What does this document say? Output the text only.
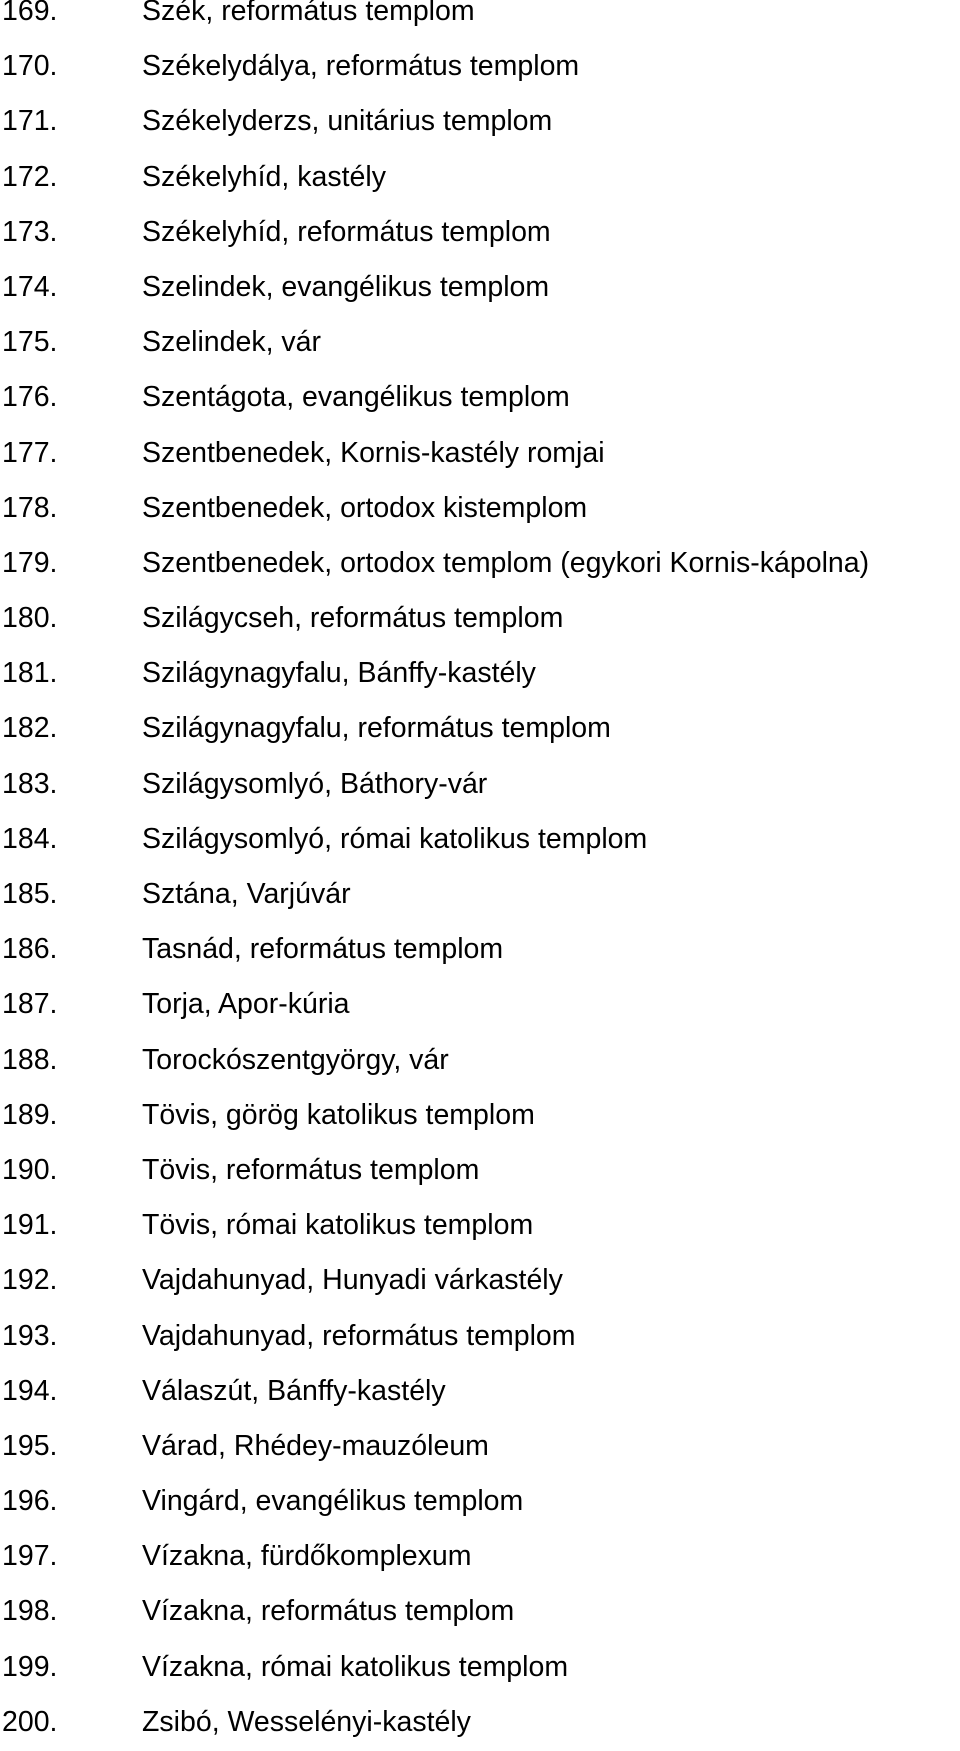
169.	Szék, református templom
170.	Székelydálya, református templom
171.	Székelyderzs, unitárius templom
172.	Székelyhíd, kastély
173.	Székelyhíd, református templom
174.	Szelindek, evangélikus templom
175.	Szelindek, vár
176.	Szentágota, evangélikus templom
177.	Szentbenedek, Kornis-kastély romjai
178.	Szentbenedek, ortodox kistemplom
179.	Szentbenedek, ortodox templom (egykori Kornis-kápolna)
180.	Szilágycseh, református templom
181.	Szilágynagyfalu, Bánffy-kastély
182.	Szilágynagyfalu, református templom
183.	Szilágysomlyó, Báthory-vár
184.	Szilágysomlyó, római katolikus templom
185.	Sztána, Varjúvár
186.	Tasnád, református templom
187.	Torja, Apor-kúria
188.	Torockószentgyörgy, vár
189.	Tövis, görög katolikus templom
190.	Tövis, református templom
191.	Tövis, római katolikus templom
192.	Vajdahunyad, Hunyadi várkastély
193.	Vajdahunyad, református templom
194.	Válaszút, Bánffy-kastély
195.	Várad, Rhédey-mauzóleum
196.	Vingárd, evangélikus templom
197.	Vízakna, fürdőkomplexum
198.	Vízakna, református templom
199.	Vízakna, római katolikus templom
200.	Zsibó, Wesselényi-kastély
